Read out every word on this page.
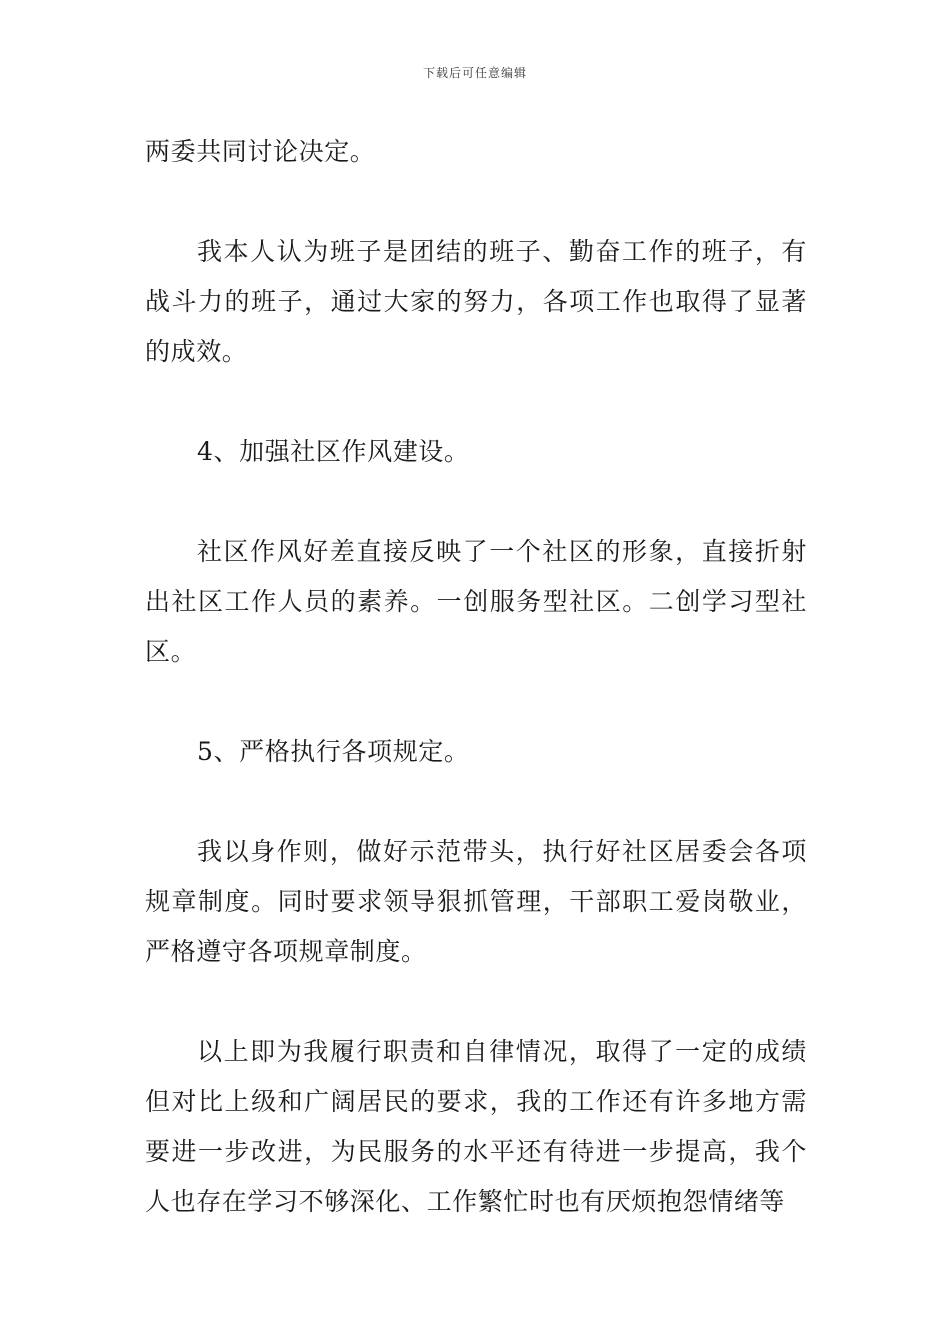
下载后可任意编辑

两委共同讨论决定。

我本人认为班子是团结的班子、勤奋工作的班子，有战斗力的班子，通过大家的努力，各项工作也取得了显著的成效。

4、加强社区作风建设。

社区作风好差直接反映了一个社区的形象，直接折射出社区工作人员的素养。一创服务型社区。二创学习型社区。

5、严格执行各项规定。

我以身作则，做好示范带头，执行好社区居委会各项规章制度。同时要求领导狠抓管理，干部职工爱岗敬业，严格遵守各项规章制度。

以上即为我履行职责和自律情况，取得了一定的成绩但对比上级和广阔居民的要求，我的工作还有许多地方需要进一步改进，为民服务的水平还有待进一步提高，我个人也存在学习不够深化、工作繁忙时也有厌烦抱怨情绪等
